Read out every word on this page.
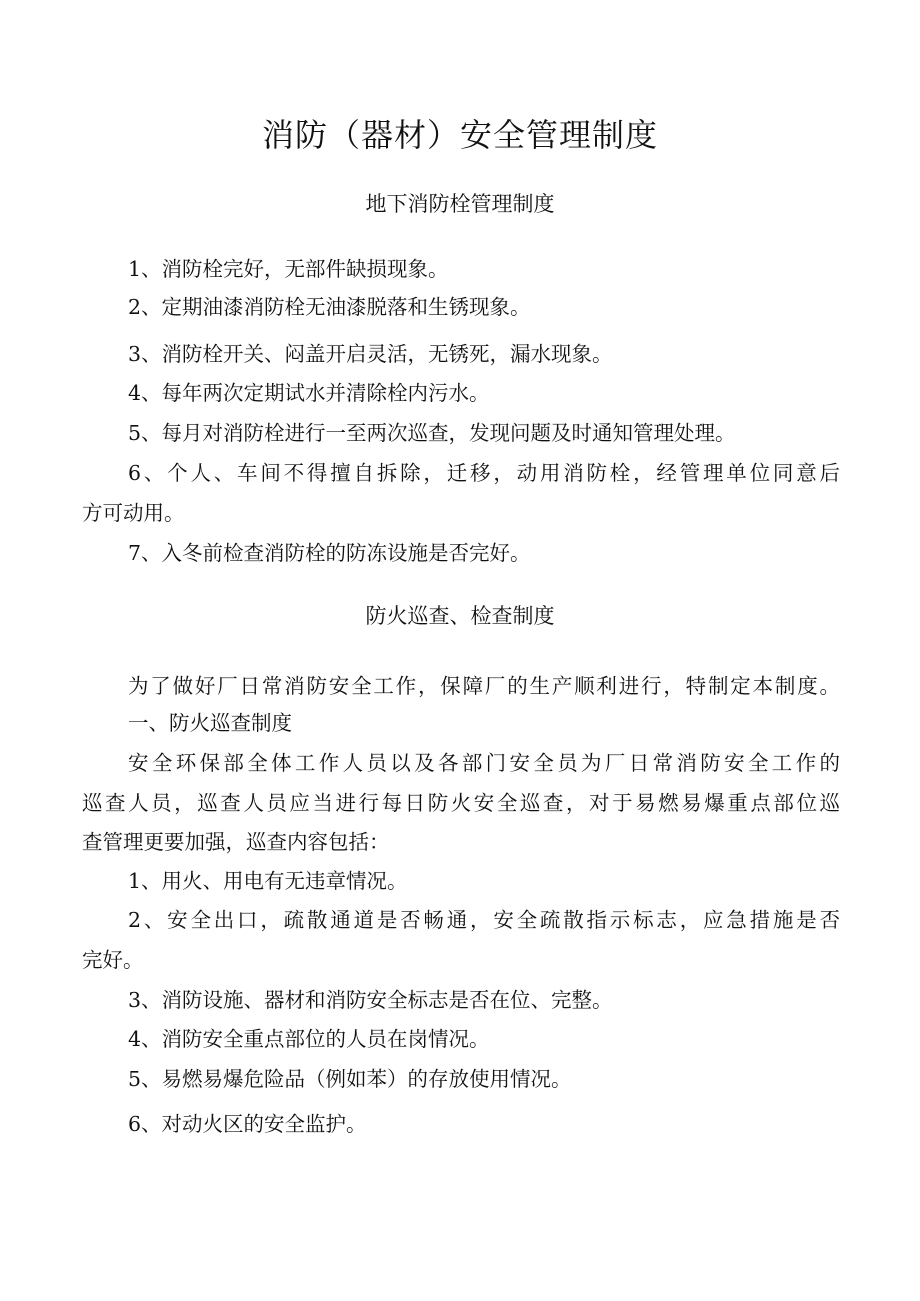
消防（器材）安全管理制度
地下消防栓管理制度
1、消防栓完好，无部件缺损现象。
2、定期油漆消防栓无油漆脱落和生锈现象。
3、消防栓开关、闷盖开启灵活，无锈死，漏水现象。
4、每年两次定期试水并清除栓内污水。
5、每月对消防栓进行一至两次巡查，发现问题及时通知管理处理。
6、个人、车间不得擅自拆除，迁移，动用消防栓，经管理单位同意后
方可动用。
7、入冬前检查消防栓的防冻设施是否完好。
防火巡查、检查制度
为了做好厂日常消防安全工作，保障厂的生产顺利进行，特制定本制度。
一、防火巡查制度
安全环保部全体工作人员以及各部门安全员为厂日常消防安全工作的
巡查人员，巡查人员应当进行每日防火安全巡查，对于易燃易爆重点部位巡
查管理更要加强，巡查内容包括：
1、用火、用电有无违章情况。
2、安全出口，疏散通道是否畅通，安全疏散指示标志，应急措施是否
完好。
3、消防设施、器材和消防安全标志是否在位、完整。
4、消防安全重点部位的人员在岗情况。
5、易燃易爆危险品（例如苯）的存放使用情况。
6、对动火区的安全监护。
